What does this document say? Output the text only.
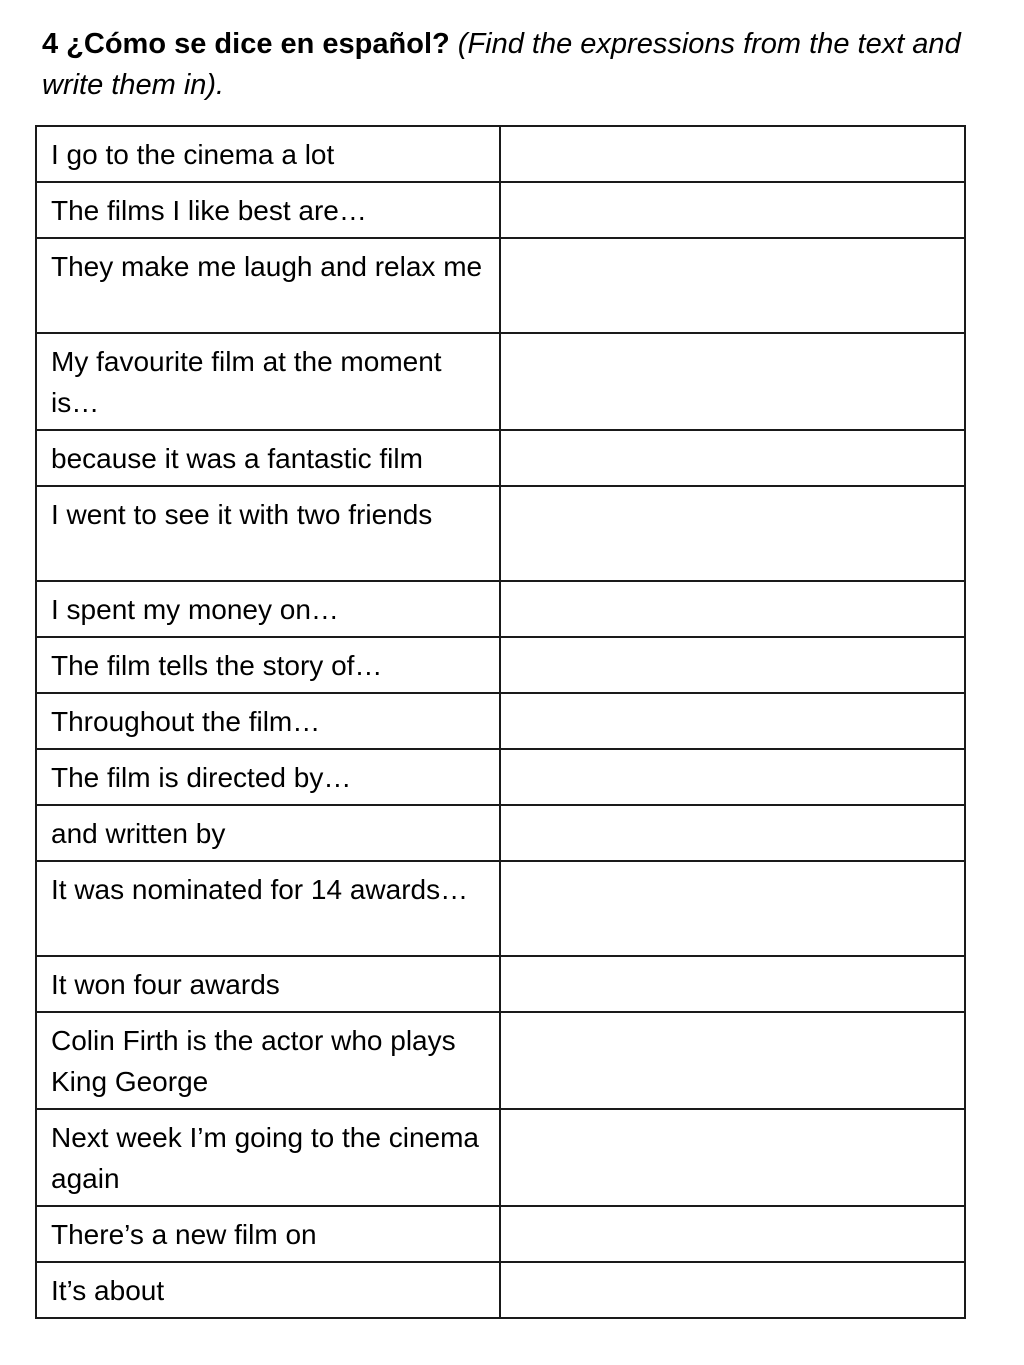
4 ¿Cómo se dice en español? (Find the expressions from the text and write them in).

I go to the cinema a lot	
The films I like best are…	
They make me laugh and relax me	
My favourite film at the moment is…	
because it was a fantastic film	
I went to see it with two friends	
I spent my money on…	
The film tells the story of…	
Throughout the film…	
The film is directed by…	
and written by	
It was nominated for 14 awards…	
It won four awards	
Colin Firth is the actor who plays King George	
Next week I’m going to the cinema again	
There’s a new film on	
It’s about	
